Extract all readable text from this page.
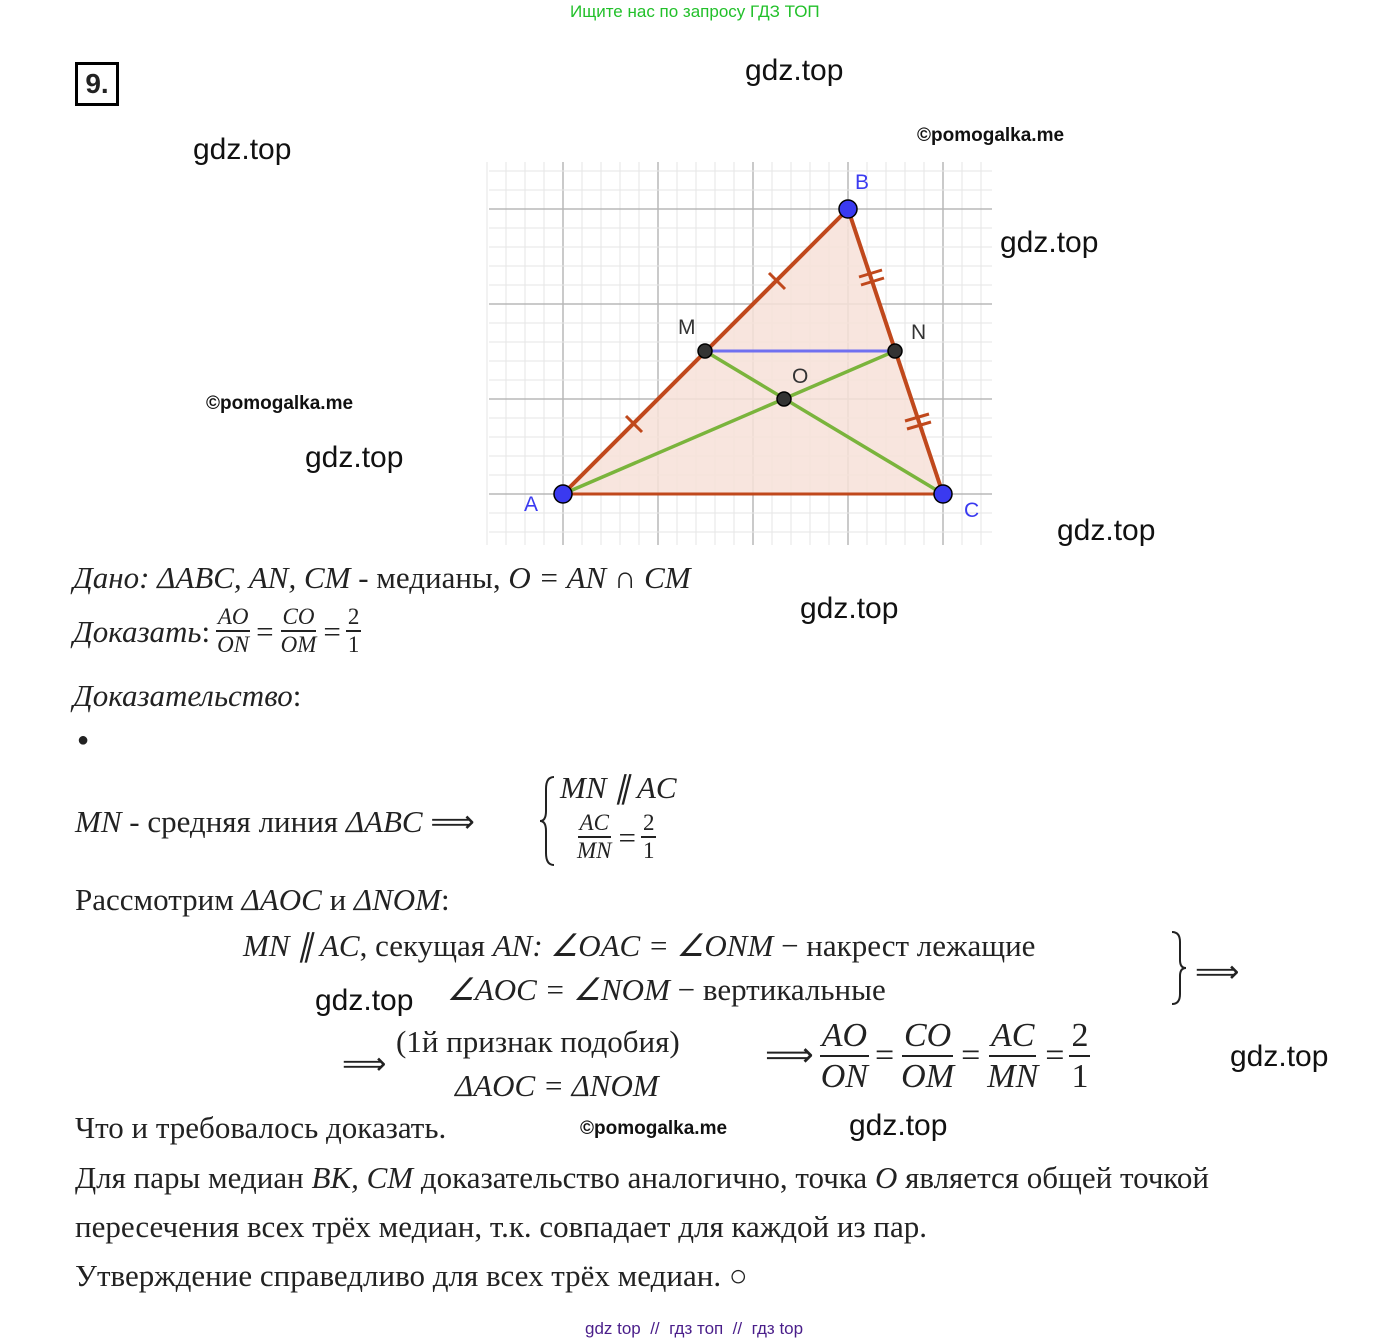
Ищите нас по запросу ГДЗ ТОП
9.	gdz.top
gdz.top	©pomogalka.me
gdz.top
©pomogalka.me
gdz.top
gdz.top
gdz.top
gdz.top
gdz.top
©pomogalka.me	gdz.top
B
A	C
M	N
O
Дано: ΔABC, AN, CM - медианы, O = AN ∩ CM
Доказать : $\frac{AO}{ON} = \frac{CO}{OM} = \frac{2}{1}$
Доказательство:
●
MN - средняя линия ΔABC ⟹
MN ∥ AC
$\frac{AC}{MN} = \frac{2}{1}$
Рассмотрим ΔAOC и ΔNOM:
MN ∥ AC, секущая AN: ∠OAC = ∠ONM − накрест лежащие
∠AOC = ∠NOM − вертикальные
⟹
⟹
(1й признак подобия)
ΔAOC = ΔNOM
⟹ $\frac{AO}{ON} = \frac{CO}{OM} = \frac{AC}{MN} = \frac{2}{1}$
Что и требовалось доказать.
Для пары медиан BK, CM доказательство аналогично, точка O является общей точкой
пересечения всех трёх медиан, т.к. совпадает для каждой из пар.
Утверждение справедливо для всех трёх медиан. ○
gdz top  //  гдз топ  //  гдз top
